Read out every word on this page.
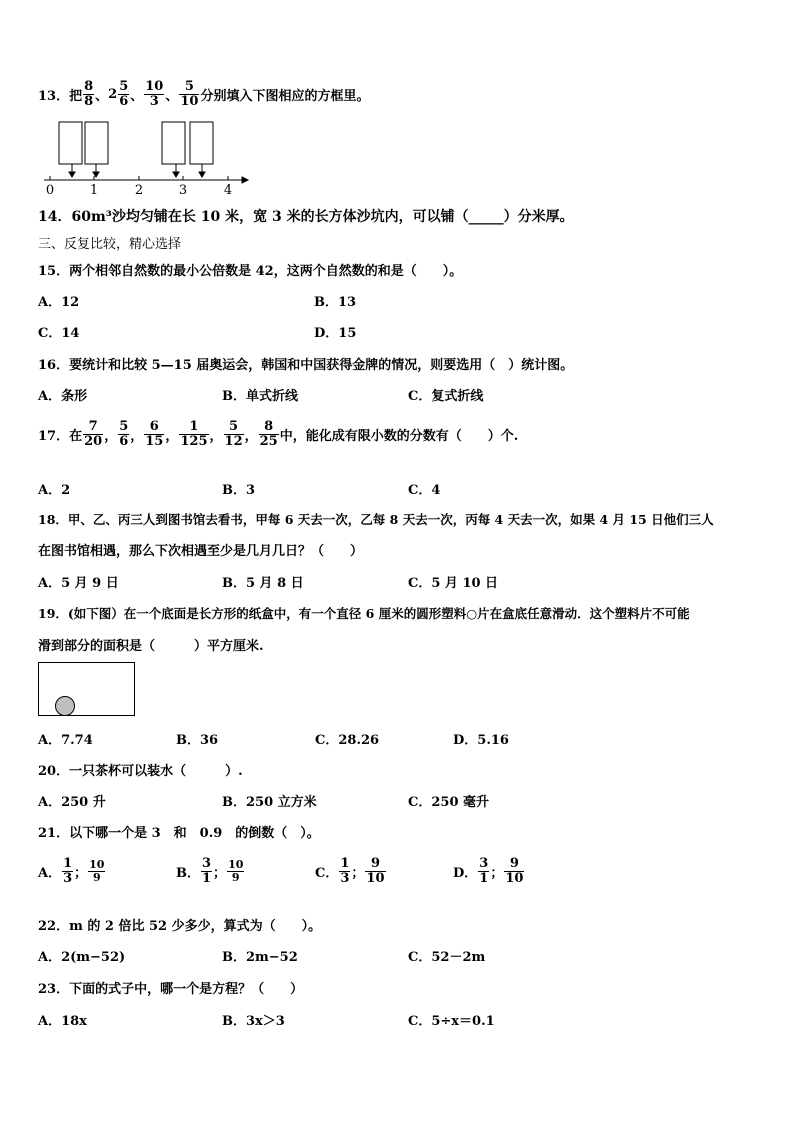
13．把 $\frac{8}{8}$ 、 $2 \frac{5}{6}$ 、 $\frac{10}{3}$ 、 $\frac{5}{10}$ 分别填入下图相应的方框里。
0	1	2	3	4
14．60m³沙均匀铺在长 10 米，宽 3 米的长方体沙坑内，可以铺（_____）分米厚。
三、反复比较，精心选择
15．两个相邻自然数的最小公倍数是 42，这两个自然数的和是（　　）。
A．12	B．13
C．14	D．15
16．要统计和比较 5—15 届奥运会，韩国和中国获得金牌的情况，则要选用（　）统计图。
A．条形	B．单式折线	C．复式折线
17．在 $\frac{7}{20}$ ， $\frac{5}{6}$ ， $\frac{6}{15}$ ， $\frac{1}{125}$ ， $\frac{5}{12}$ ， $\frac{8}{25}$ 中，能化成有限小数的分数有（　　）个.
A．2	B．3	C．4
18．甲、乙、丙三人到图书馆去看书，甲每 6 天去一次，乙每 8 天去一次，丙每 4 天去一次，如果 4 月 15 日他们三人
在图书馆相遇，那么下次相遇至少是几月几日？（　　）
A．5 月 9 日	B．5 月 8 日	C．5 月 10 日
19．(如下图）在一个底面是长方形的纸盒中，有一个直径 6 厘米的圆形塑料○片在盒底任意滑动．这个塑料片不可能
滑到部分的面积是（　　　）平方厘米.
A．7.74	B．36	C．28.26	D．5.16
20．一只茶杯可以装水（　　　）.
A．250 升	B．250 立方米	C．250 毫升
21．以下哪一个是 3　和　0.9　的倒数（　）。
A． $\frac{1}{3}$ ； $\frac{10}{9}$	B． $\frac{3}{1}$ ； $\frac{10}{9}$	C． $\frac{1}{3}$ ； $\frac{9}{10}$	D． $\frac{3}{1}$ ； $\frac{9}{10}$
22．m 的 2 倍比 52 少多少，算式为（　　）。
A．2(m−52)	B．2m−52	C．52－2m
23．下面的式子中，哪一个是方程？（　　）
A．18x	B．3x＞3	C．5÷x＝0.1
